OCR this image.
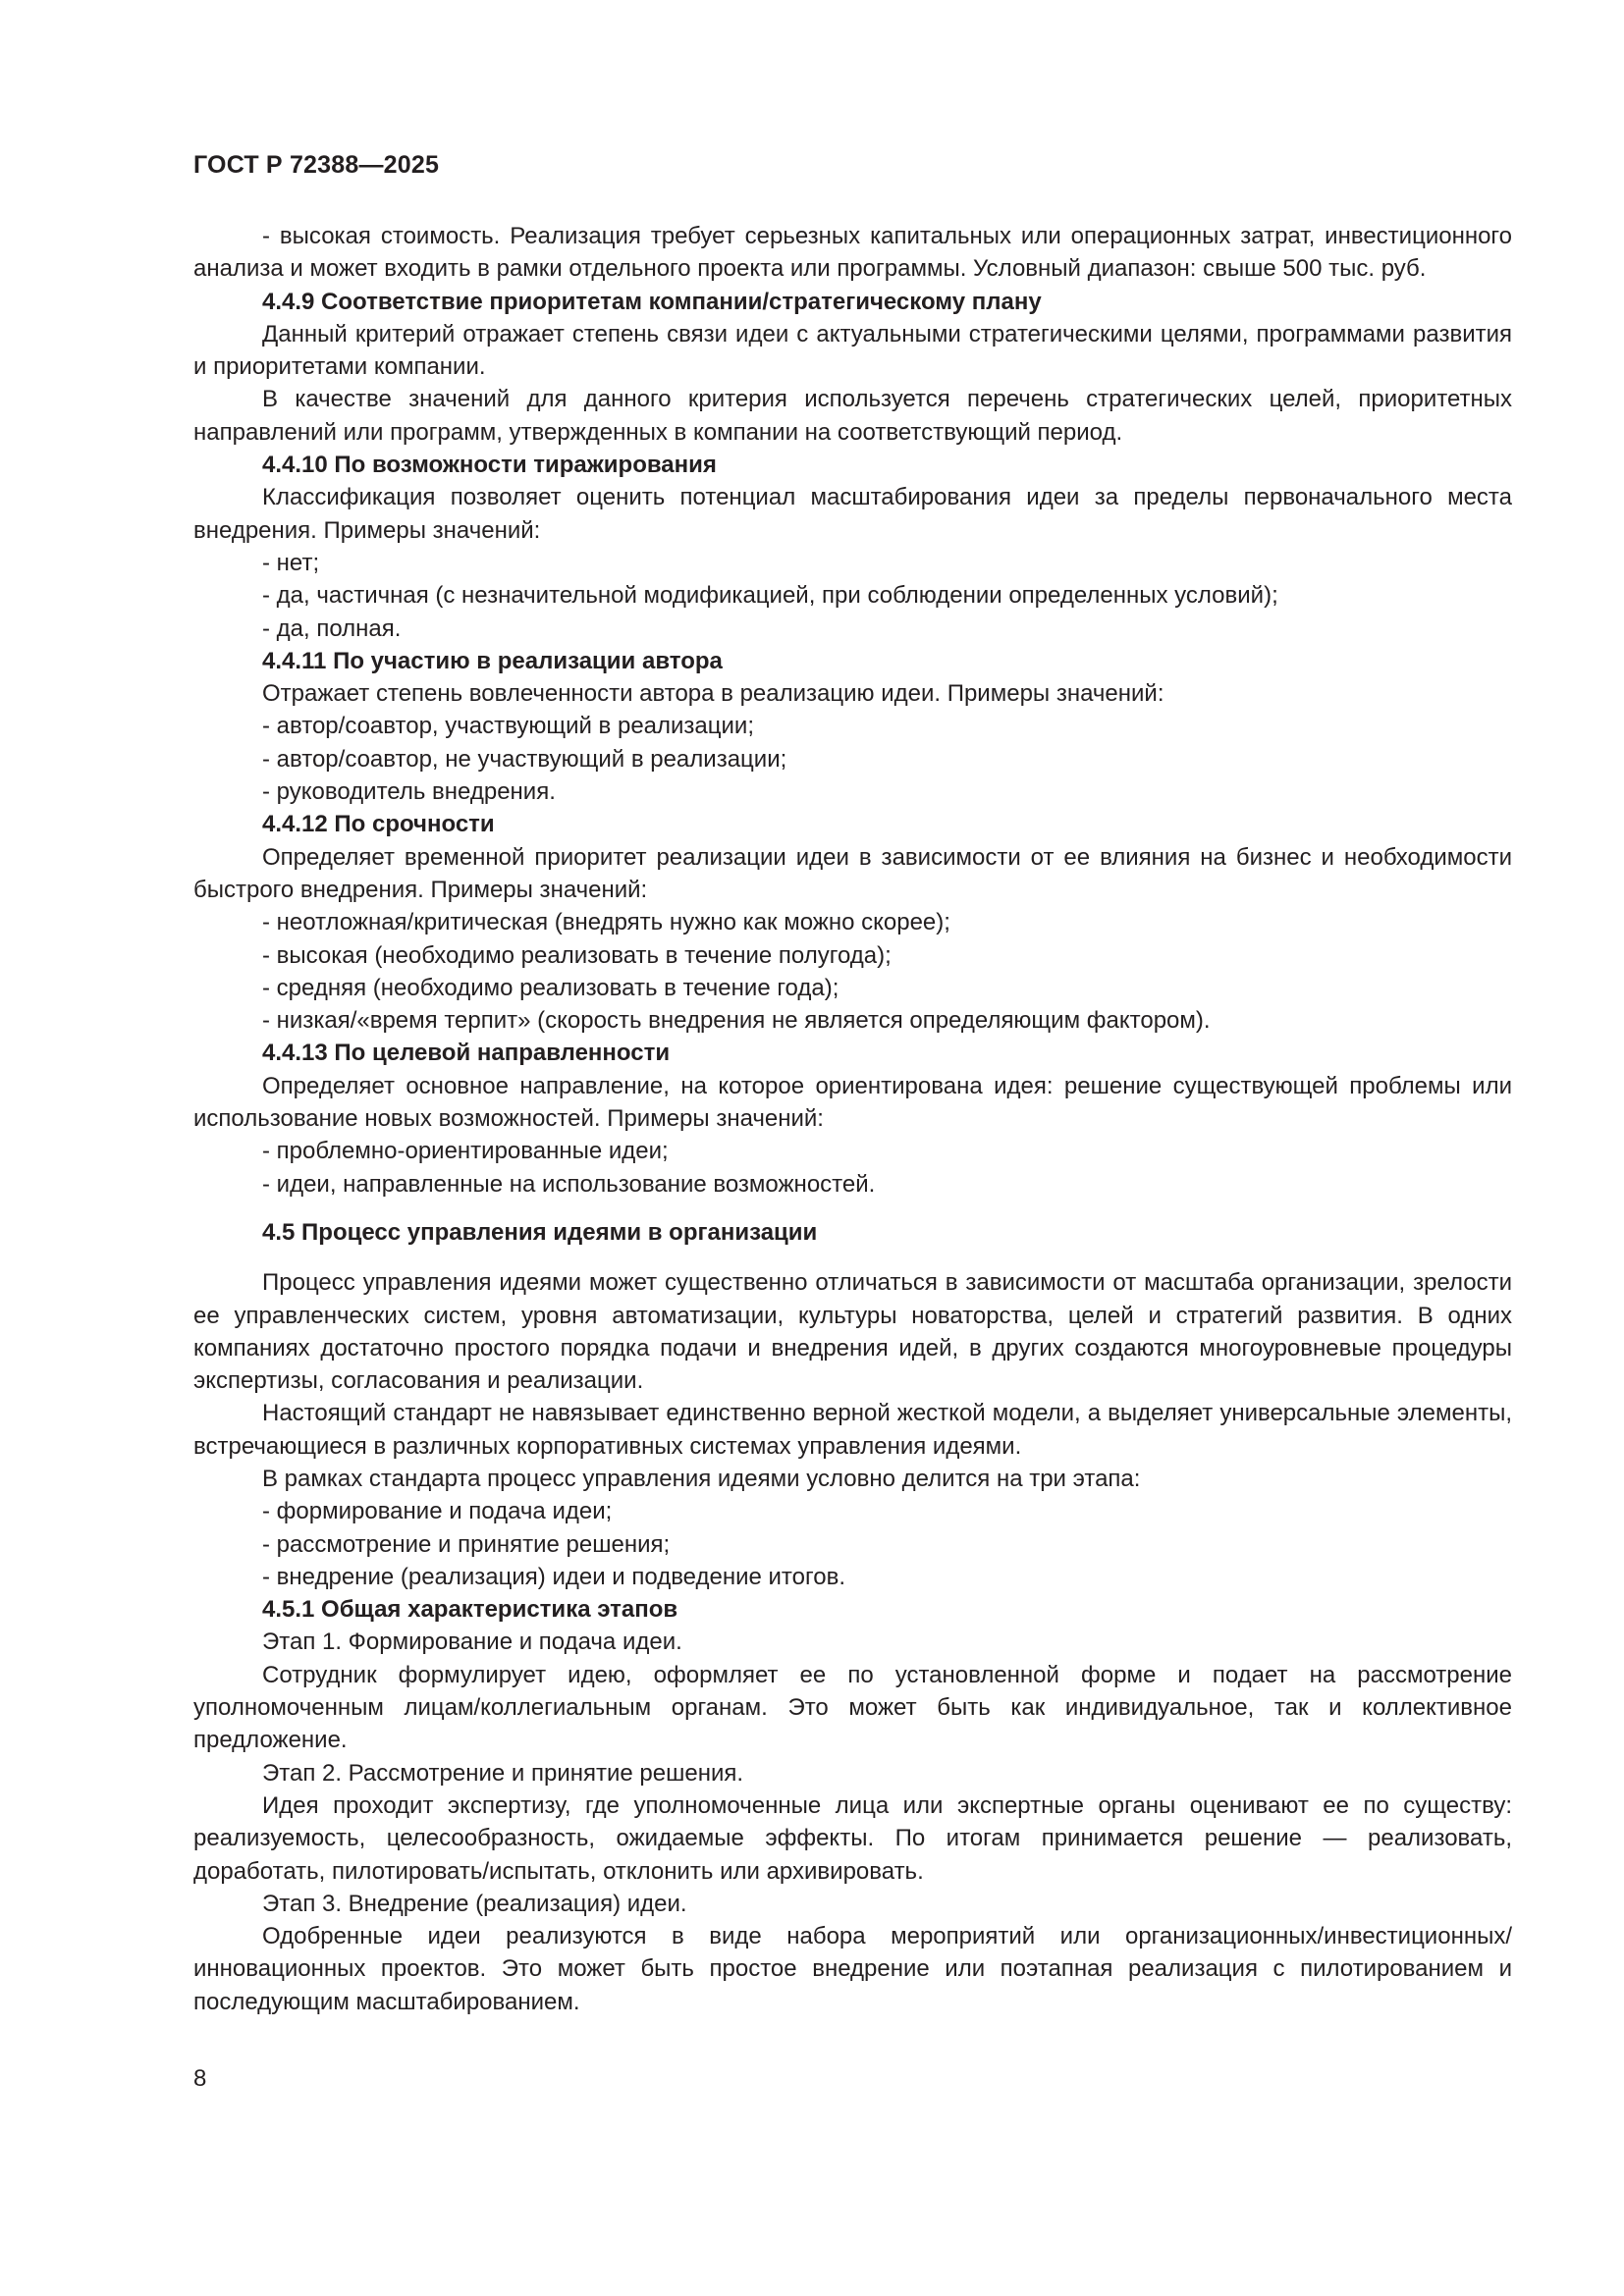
ГОСТ Р 72388—2025

- высокая стоимость. Реализация требует серьезных капитальных или операционных затрат, инвестиционного анализа и может входить в рамки отдельного проекта или программы. Условный диапазон: свыше 500 тыс. руб.

4.4.9 Соответствие приоритетам компании/стратегическому плану

Данный критерий отражает степень связи идеи с актуальными стратегическими целями, программами развития и приоритетами компании.

В качестве значений для данного критерия используется перечень стратегических целей, приоритетных направлений или программ, утвержденных в компании на соответствующий период.

4.4.10 По возможности тиражирования

Классификация позволяет оценить потенциал масштабирования идеи за пределы первоначального места внедрения. Примеры значений:

- нет;

- да, частичная (с незначительной модификацией, при соблюдении определенных условий);

- да, полная.

4.4.11 По участию в реализации автора

Отражает степень вовлеченности автора в реализацию идеи. Примеры значений:

- автор/соавтор, участвующий в реализации;

- автор/соавтор, не участвующий в реализации;

- руководитель внедрения.

4.4.12 По срочности

Определяет временной приоритет реализации идеи в зависимости от ее влияния на бизнес и необходимости быстрого внедрения. Примеры значений:

- неотложная/критическая (внедрять нужно как можно скорее);

- высокая (необходимо реализовать в течение полугода);

- средняя (необходимо реализовать в течение года);

- низкая/«время терпит» (скорость внедрения не является определяющим фактором).

4.4.13 По целевой направленности

Определяет основное направление, на которое ориентирована идея: решение существующей проблемы или использование новых возможностей. Примеры значений:

- проблемно-ориентированные идеи;

- идеи, направленные на использование возможностей.

4.5 Процесс управления идеями в организации

Процесс управления идеями может существенно отличаться в зависимости от масштаба организации, зрелости ее управленческих систем, уровня автоматизации, культуры новаторства, целей и стратегий развития. В одних компаниях достаточно простого порядка подачи и внедрения идей, в других создаются многоуровневые процедуры экспертизы, согласования и реализации.

Настоящий стандарт не навязывает единственно верной жесткой модели, а выделяет универсальные элементы, встречающиеся в различных корпоративных системах управления идеями.

В рамках стандарта процесс управления идеями условно делится на три этапа:

- формирование и подача идеи;

- рассмотрение и принятие решения;

- внедрение (реализация) идеи и подведение итогов.

4.5.1 Общая характеристика этапов

Этап 1. Формирование и подача идеи.

Сотрудник формулирует идею, оформляет ее по установленной форме и подает на рассмотрение уполномоченным лицам/коллегиальным органам. Это может быть как индивидуальное, так и коллективное предложение.

Этап 2. Рассмотрение и принятие решения.

Идея проходит экспертизу, где уполномоченные лица или экспертные органы оценивают ее по существу: реализуемость, целесообразность, ожидаемые эффекты. По итогам принимается решение — реализовать, доработать, пилотировать/испытать, отклонить или архивировать.

Этап 3. Внедрение (реализация) идеи.

Одобренные идеи реализуются в виде набора мероприятий или организационных/инвестиционных/инновационных проектов. Это может быть простое внедрение или поэтапная реализация с пилотированием и последующим масштабированием.

8
